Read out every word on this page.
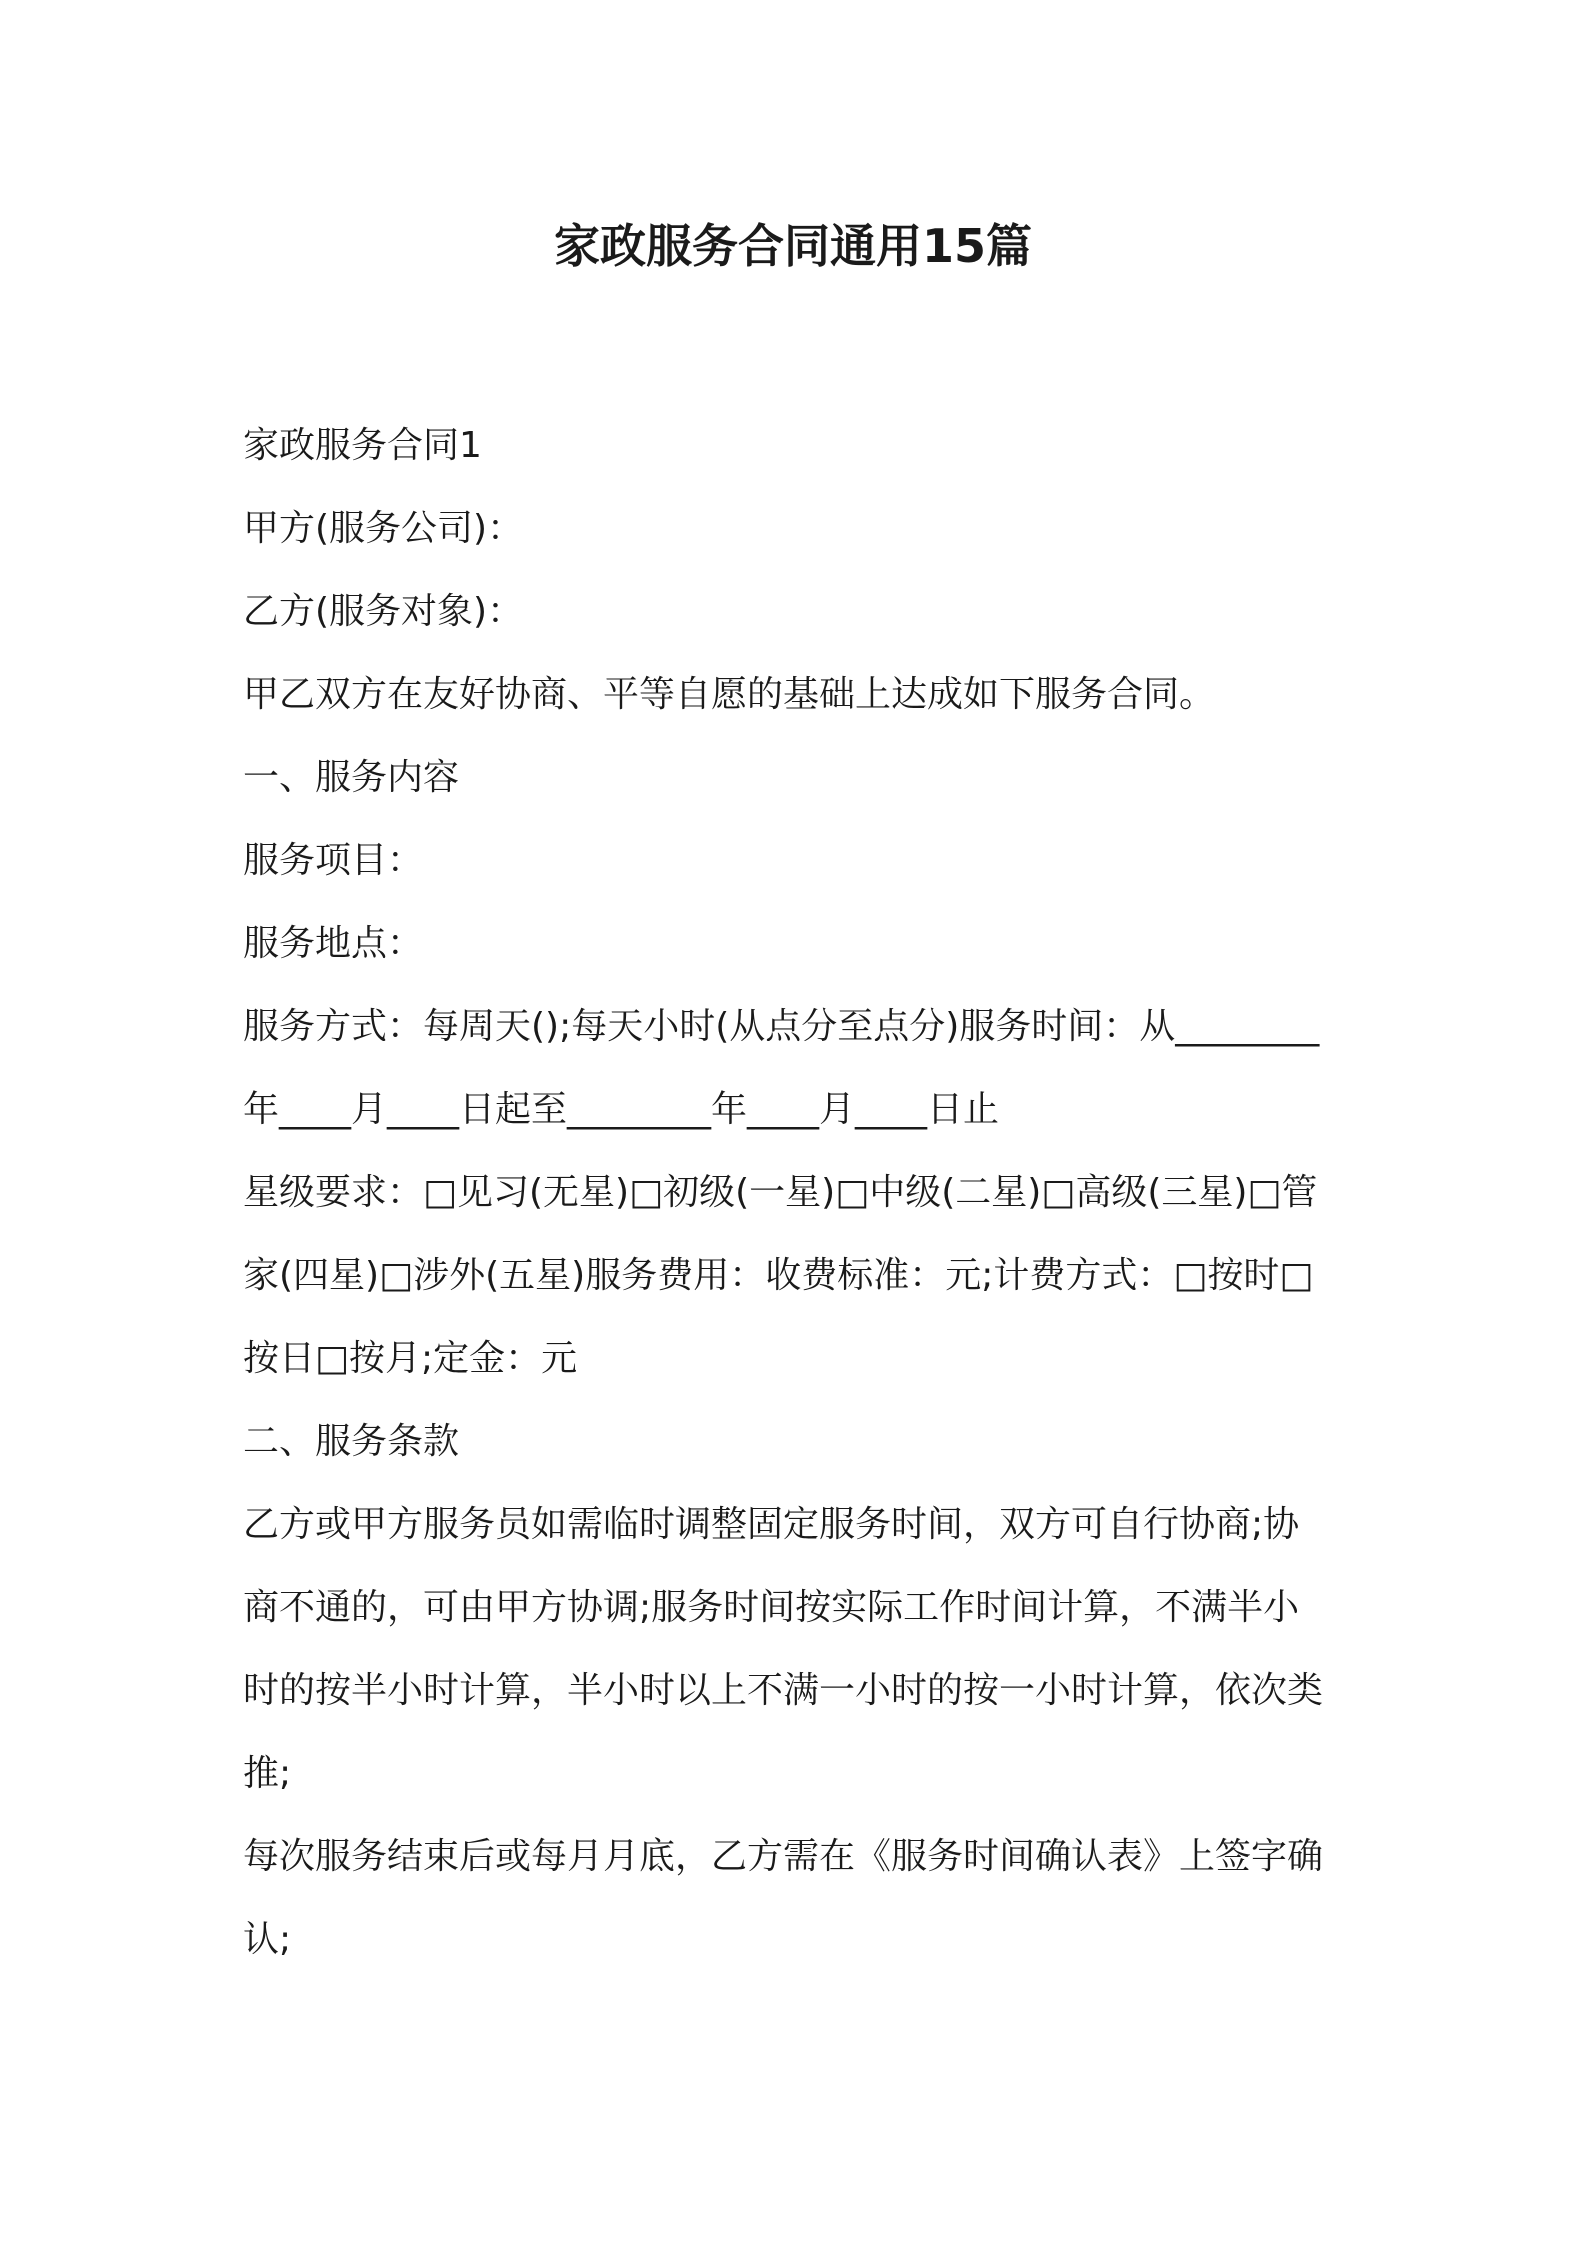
家政服务合同通用15篇
家政服务合同1
甲方(服务公司)：
乙方(服务对象)：
甲乙双方在友好协商、平等自愿的基础上达成如下服务合同。
一、服务内容
服务项目：
服务地点：
服务方式：每周天();每天小时(从点分至点分)服务时间：从________
年____月____日起至________年____月____日止
星级要求：□见习(无星)□初级(一星)□中级(二星)□高级(三星)□管
家(四星)□涉外(五星)服务费用：收费标准：元;计费方式：□按时□
按日□按月;定金：元
二、服务条款
乙方或甲方服务员如需临时调整固定服务时间，双方可自行协商;协
商不通的，可由甲方协调;服务时间按实际工作时间计算，不满半小
时的按半小时计算，半小时以上不满一小时的按一小时计算，依次类
推;
每次服务结束后或每月月底，乙方需在《服务时间确认表》上签字确
认;
